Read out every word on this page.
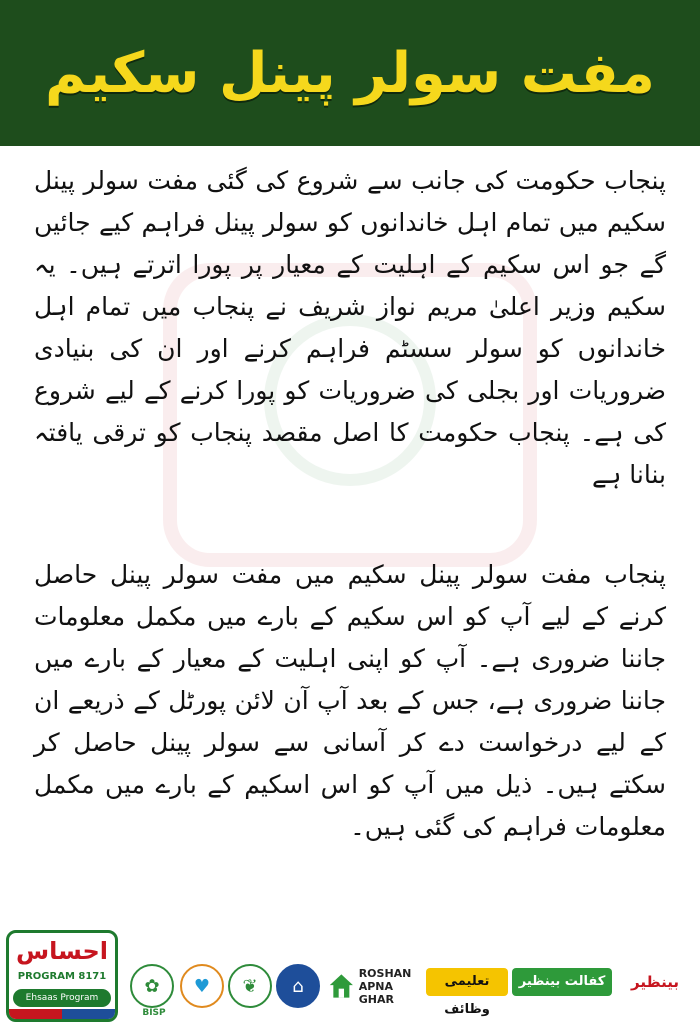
مفت سولر پینل سکیم

پنجاب حکومت کی جانب سے شروع کی گئی مفت سولر پینل سکیم میں تمام اہل خاندانوں کو سولر پینل فراہم کیے جائیں گے جو اس سکیم کے اہلیت کے معیار پر پورا اترتے ہیں۔ یہ سکیم وزیر اعلیٰ مریم نواز شریف نے پنجاب میں تمام اہل خاندانوں کو سولر سسٹم فراہم کرنے اور ان کی بنیادی ضروریات اور بجلی کی ضروریات کو پورا کرنے کے لیے شروع کی ہے۔ پنجاب حکومت کا اصل مقصد پنجاب کو ترقی یافتہ بنانا ہے

پنجاب مفت سولر پینل سکیم میں مفت سولر پینل حاصل کرنے کے لیے آپ کو اس سکیم کے بارے میں مکمل معلومات جاننا ضروری ہے۔ آپ کو اپنی اہلیت کے معیار کے بارے میں جاننا ضروری ہے، جس کے بعد آپ آن لائن پورٹل کے ذریعے ان کے لیے درخواست دے کر آسانی سے سولر پینل حاصل کر سکتے ہیں۔ ذیل میں آپ کو اس اسکیم کے بارے میں مکمل معلومات فراہم کی گئی ہیں۔

احساس
PROGRAM 8171
Ehsaas Program
✿
BISP
♥ ❦ ⌂
ROSHAN
APNA GHAR
تعلیمی وظائف
کفالت بینظیر	بینظیر
